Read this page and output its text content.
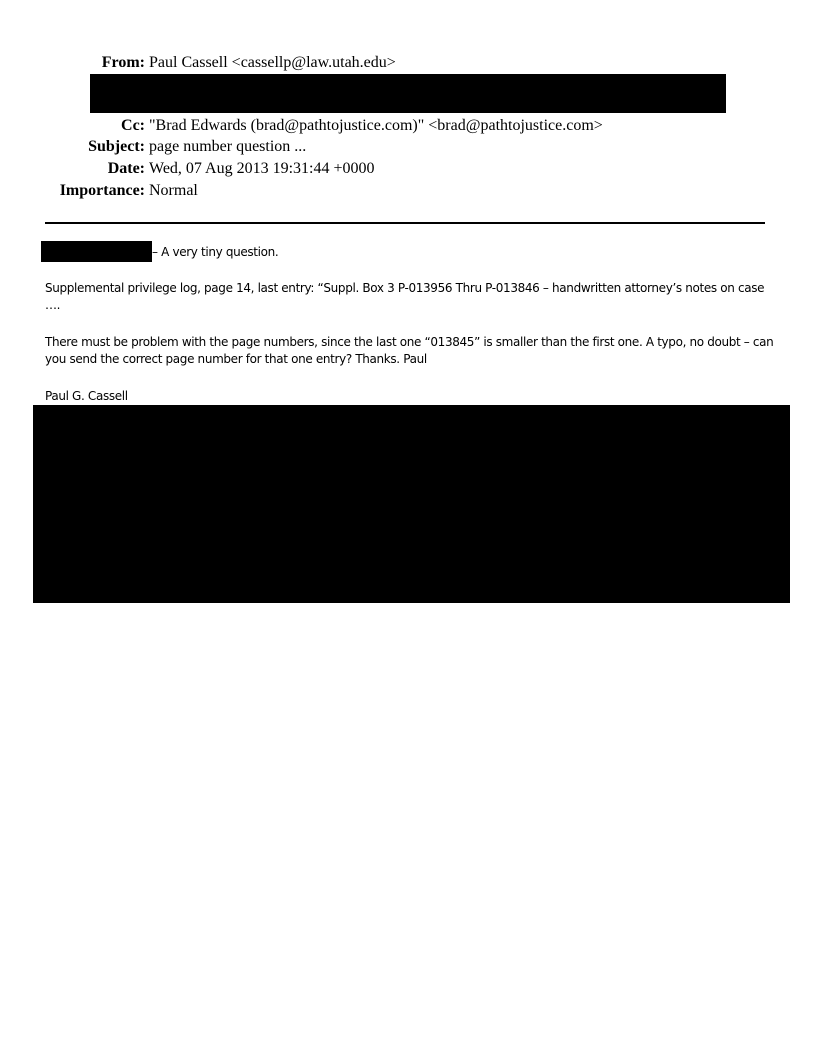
From: Paul Cassell <cassellp@law.utah.edu>
Cc: "Brad Edwards (brad@pathtojustice.com)" <brad@pathtojustice.com>
Subject: page number question ...
Date: Wed, 07 Aug 2013 19:31:44 +0000
Importance: Normal
– A very tiny question.
Supplemental privilege log, page 14, last entry: “Suppl. Box 3 P-013956 Thru P-013846 – handwritten attorney’s notes on case ….
There must be problem with the page numbers, since the last one “013845” is smaller than the first one. A typo, no doubt – can you send the correct page number for that one entry? Thanks. Paul
Paul G. Cassell
